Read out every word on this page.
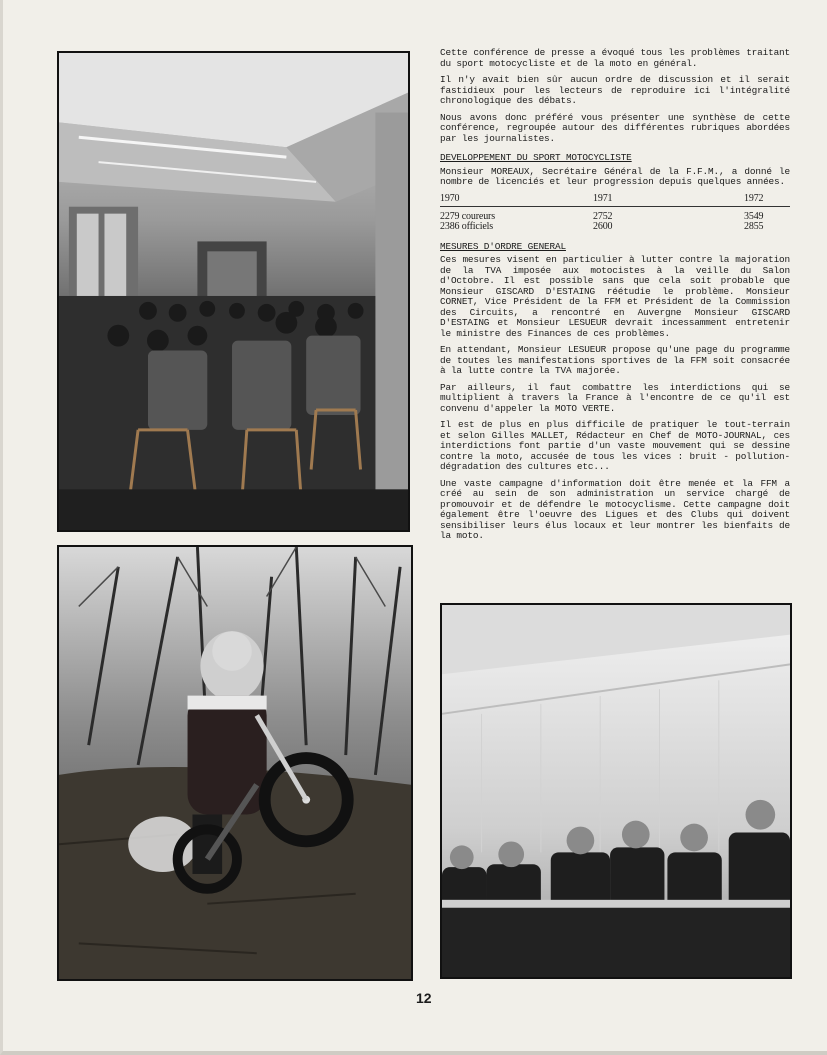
Cette conférence de presse a évoqué tous les problèmes traitant du sport motocycliste et de la moto en général.

Il n'y avait bien sûr aucun ordre de discussion et il serait fastidieux pour les lecteurs de reproduire ici l'intégralité chronologique des débats.

Nous avons donc préféré vous présenter une synthèse de cette conférence, regroupée autour des différentes rubriques abordées par les journalistes.

DEVELOPPEMENT DU SPORT MOTOCYCLISTE

Monsieur MOREAUX, Secrétaire Général de la F.F.M., a donné le nombre de licenciés et leur progression depuis quelques années.

1970	1971	1972
2279 coureurs	2752	3549
2386 officiels	2600	2855
MESURES D'ORDRE GENERAL

Ces mesures visent en particulier à lutter contre la majoration de la TVA imposée aux motocistes à la veille du Salon d'Octobre. Il est possible sans que cela soit probable que Monsieur GISCARD D'ESTAING réétudie le problème. Monsieur CORNET, Vice Président de la FFM et Président de la Commission des Circuits, a rencontré en Auvergne Monsieur GISCARD D'ESTAING et Monsieur LESUEUR devrait incessamment entretenir le ministre des Finances de ces problèmes.

En attendant, Monsieur LESUEUR propose qu'une page du programme de toutes les manifestations sportives de la FFM soit consacrée à la lutte contre la TVA majorée.

Par ailleurs, il faut combattre les interdictions qui se multiplient à travers la France à l'encontre de ce qu'il est convenu d'appeler la MOTO VERTE.

Il est de plus en plus difficile de pratiquer le tout-terrain et selon Gilles MALLET, Rédacteur en Chef de MOTO-JOURNAL, ces interdictions font partie d'un vaste mouvement qui se dessine contre la moto, accusée de tous les vices : bruit - pollution-dégradation des cultures etc...

Une vaste campagne d'information doit être menée et la FFM a créé au sein de son administration un service chargé de promouvoir et de défendre le motocyclisme. Cette campagne doit également être l'oeuvre des Ligues et des Clubs qui doivent sensibiliser leurs élus locaux et leur montrer les bienfaits de la moto.

12
